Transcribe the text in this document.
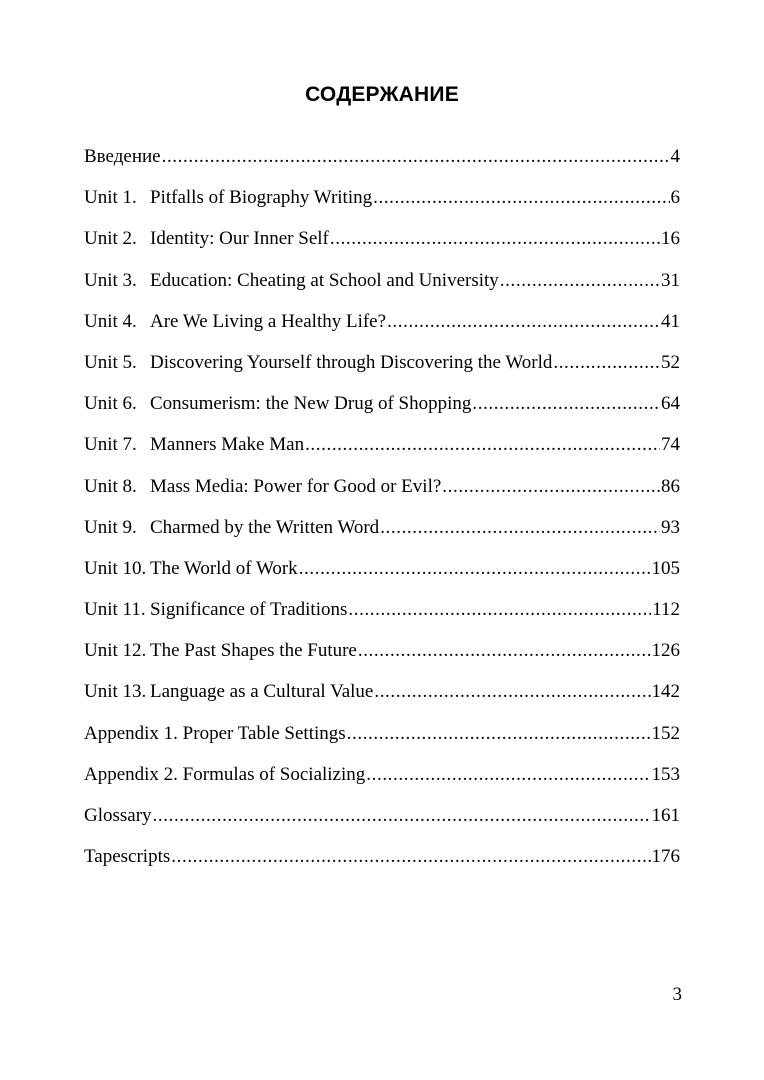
СОДЕРЖАНИЕ
Введение .....	4
Unit 1. Pitfalls of Biography Writing .....	6
Unit 2. Identity: Our Inner Self .....	16
Unit 3. Education: Cheating at School and University .....	31
Unit 4. Are We Living a Healthy Life? .....	41
Unit 5. Discovering Yourself through Discovering the World .....	52
Unit 6. Consumerism: the New Drug of Shopping .....	64
Unit 7. Manners Make Man .....	74
Unit 8. Mass Media: Power for Good or Evil? .....	86
Unit 9. Charmed by the Written Word .....	93
Unit 10. The World of Work .....	105
Unit 11. Significance of Traditions .....	112
Unit 12. The Past Shapes the Future .....	126
Unit 13. Language as a Cultural Value .....	142
Appendix 1. Proper Table Settings .....	152
Appendix 2. Formulas of Socializing .....	153
Glossary .....	161
Tapescripts .....	176
3
